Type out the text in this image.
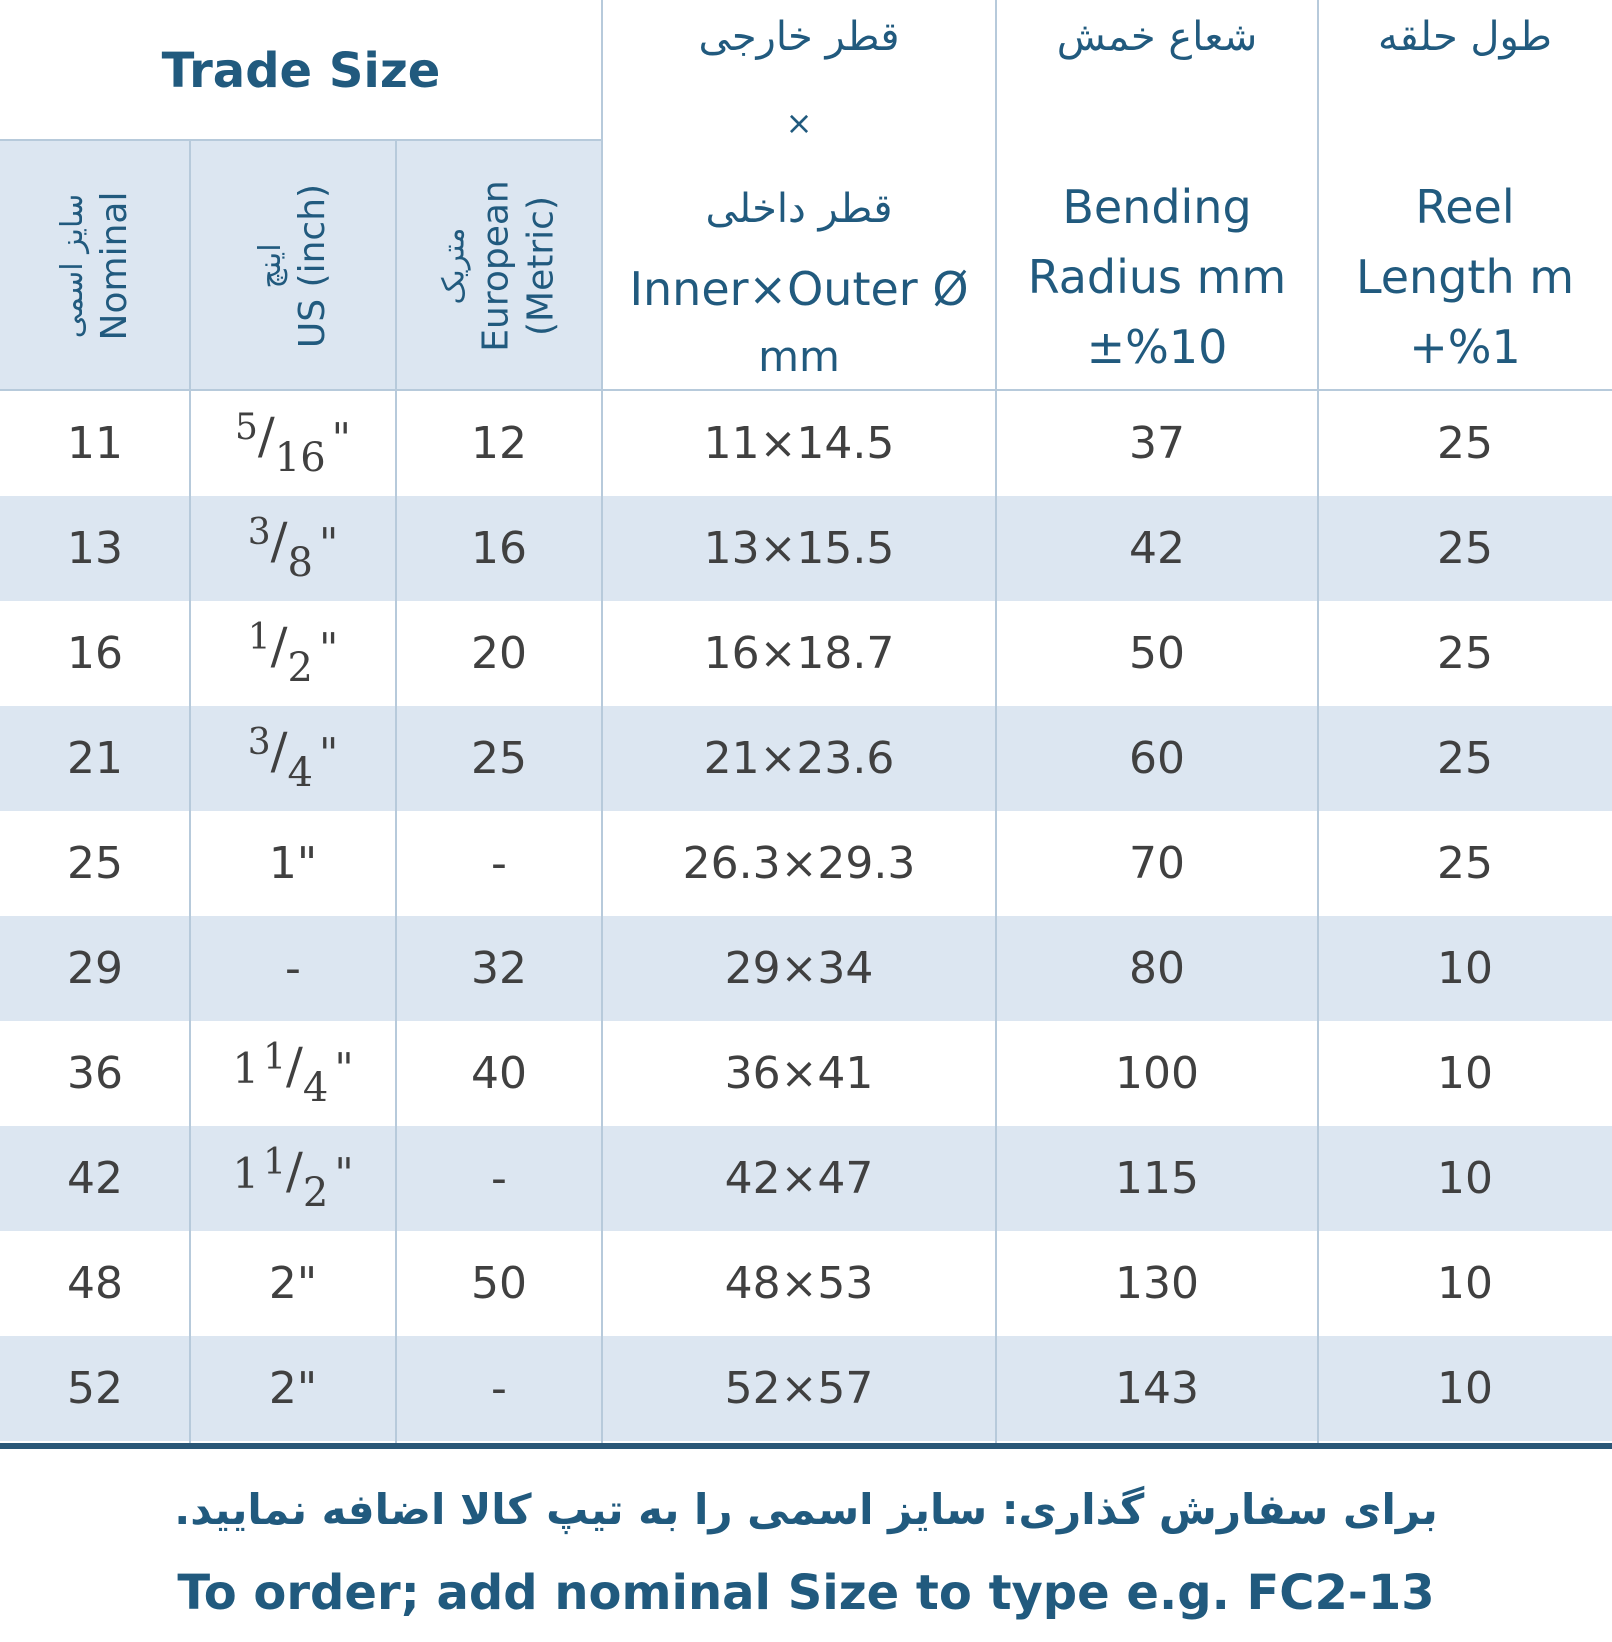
Trade Size
سایز اسمی Nominal	اینچ US (inch)	متریک European (Metric)
قطر خارجی
×
قطر داخلی
Inner×Outer Ø
mm
شعاع خمش
Bending
Radius mm
±%10
طول حلقه
Reel
Length m
+%1
11	$^5/_{16}$ "	12	11×14.5	37	25
13	$^3/_8$ "	16	13×15.5	42	25
16	$^1/_2$ "	20	16×18.7	50	25
21	$^3/_4$ "	25	21×23.6	60	25
25	1"	-	26.3×29.3	70	25
29	-	32	29×34	80	10
36	1 $^1/_4$ "	40	36×41	100	10
42	1 $^1/_2$ "	-	42×47	115	10
48	2"	50	48×53	130	10
52	2"	-	52×57	143	10
برای سفارش گذاری: سایز اسمی را به تیپ کالا اضافه نمایید.
To order; add nominal Size to type e.g. FC2-13
